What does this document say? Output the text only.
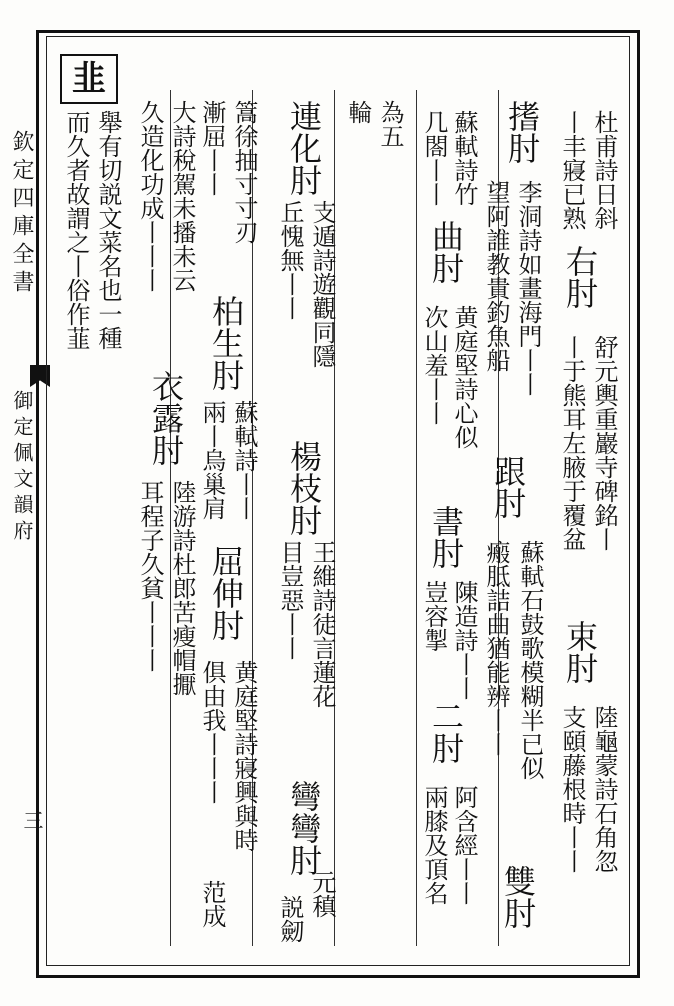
欽定四庫全書
御定佩文韻府
三
韭
杜甫詩日斜
丨丰寢已熟
右肘
舒元輿重巖寺碑銘丨
丨于熊耳左腋于覆盆
束肘
陸龜蒙詩石角忽
支頤藤根時丨丨
搘肘
李洞詩如畫海門丨丨
望阿誰教貴釣魚船
跟肘
蘇軾石鼓歌模糊半已似
瘢胝詰曲猶能辨丨丨
雙肘
蘇軾詩竹
几閤丨丨
曲肘
黄庭堅詩心似
次山羞丨丨
書肘
陳造詩丨丨
豈容掣
二肘
阿含經丨丨
兩膝及頂名
為五
輪
連化肘
支遁詩遊觀同隱
丘愧無丨丨
楊枝肘
王維詩徒言蓮花
目豈惡丨丨
彎彎肘
元稹
説劒
篙徐抽寸寸刃
漸屈丨丨
柏生肘
蘇軾詩丨丨
兩丨烏巢肩
屈伸肘
黄庭堅詩寢興與時
俱由我丨丨丨
范成
大詩稅駕未播未云
久造化功成丨丨丨
衣露肘
陸游詩杜郎苦瘦帽擫
耳程子久貧丨丨丨
舉有切説文菜名也一種
而久者故謂之丨俗作韮
